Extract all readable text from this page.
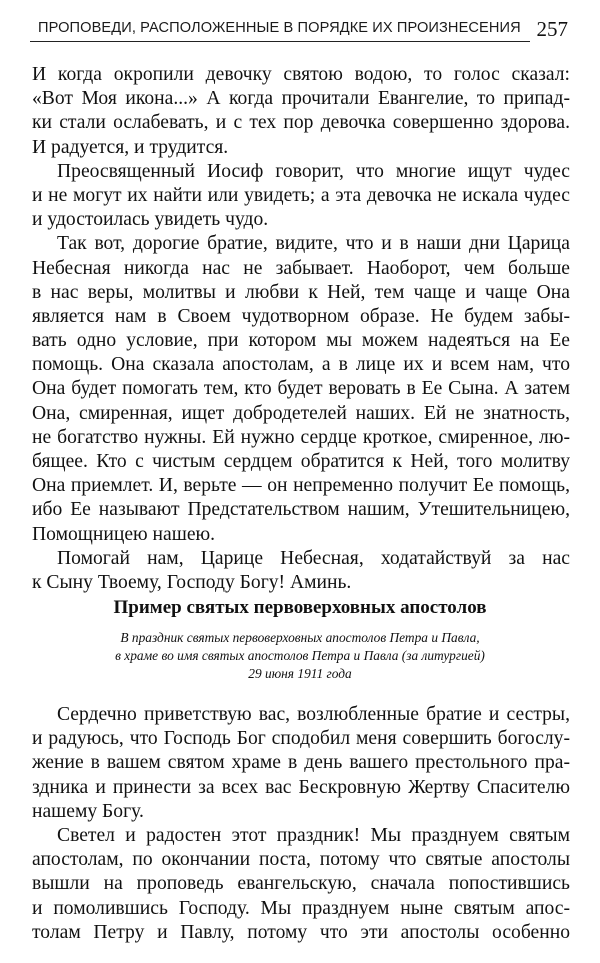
ПРОПОВЕДИ, РАСПОЛОЖЕННЫЕ В ПОРЯДКЕ ИХ ПРОИЗНЕСЕНИЯ 257
И когда окропили девочку святою водою, то голос сказал:
«Вот Моя икона...» А когда прочитали Евангелие, то припад-
ки стали ослабевать, и с тех пор девочка совершенно здорова.
И радуется, и трудится.
Преосвященный Иосиф говорит, что многие ищут чудес
и не могут их найти или увидеть; а эта девочка не искала чудес
и удостоилась увидеть чудо.
Так вот, дорогие братие, видите, что и в наши дни Царица
Небесная никогда нас не забывает. Наоборот, чем больше
в нас веры, молитвы и любви к Ней, тем чаще и чаще Она
является нам в Своем чудотворном образе. Не будем забы-
вать одно условие, при котором мы можем надеяться на Ее
помощь. Она сказала апостолам, а в лице их и всем нам, что
Она будет помогать тем, кто будет веровать в Ее Сына. А затем
Она, смиренная, ищет добродетелей наших. Ей не знатность,
не богатство нужны. Ей нужно сердце кроткое, смиренное, лю-
бящее. Кто с чистым сердцем обратится к Ней, того молитву
Она приемлет. И, верьте — он непременно получит Ее помощь,
ибо Ее называют Предстательством нашим, Утешительницею,
Помощницею нашею.
Помогай нам, Царице Небесная, ходатайствуй за нас
к Сыну Твоему, Господу Богу! Аминь.
Пример святых первоверховных апостолов
В праздник святых первоверховных апостолов Петра и Павла,
в храме во имя святых апостолов Петра и Павла (за литургией)
29 июня 1911 года
Сердечно приветствую вас, возлюбленные братие и сестры,
и радуюсь, что Господь Бог сподобил меня совершить богослу-
жение в вашем святом храме в день вашего престольного пра-
здника и принести за всех вас Бескровную Жертву Спасителю
нашему Богу.
Светел и радостен этот праздник! Мы празднуем святым
апостолам, по окончании поста, потому что святые апостолы
вышли на проповедь евангельскую, сначала попостившись
и помолившись Господу. Мы празднуем ныне святым апос-
толам Петру и Павлу, потому что эти апостолы особенно
